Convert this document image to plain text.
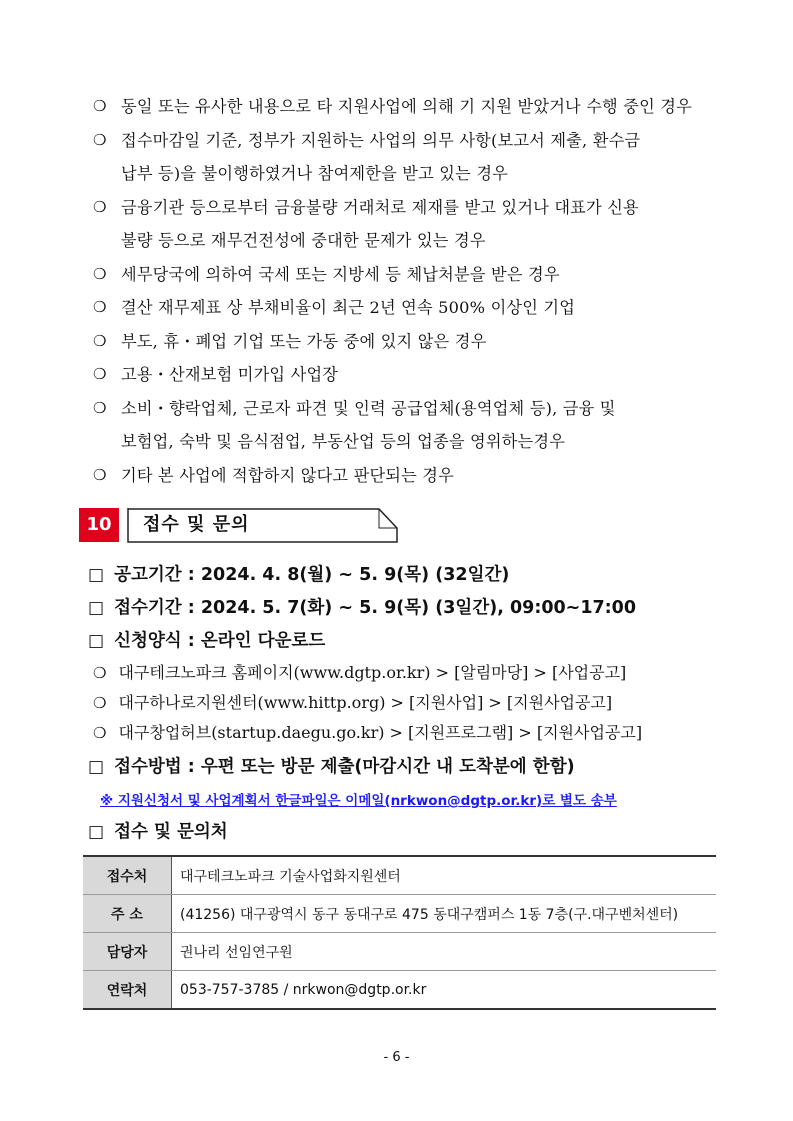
❍ 동일 또는 유사한 내용으로 타 지원사업에 의해 기 지원 받았거나 수행 중인 경우
❍ 접수마감일 기준, 정부가 지원하는 사업의 의무 사항(보고서 제출, 환수금
납부 등)을 불이행하였거나 참여제한을 받고 있는 경우
❍ 금융기관 등으로부터 금융불량 거래처로 제재를 받고 있거나 대표가 신용
불량 등으로 재무건전성에 중대한 문제가 있는 경우
❍ 세무당국에 의하여 국세 또는 지방세 등 체납처분을 받은 경우
❍ 결산 재무제표 상 부채비율이 최근 2년 연속 500% 이상인 기업
❍ 부도, 휴・폐업 기업 또는 가동 중에 있지 않은 경우
❍ 고용・산재보험 미가입 사업장
❍ 소비・향락업체, 근로자 파견 및 인력 공급업체(용역업체 등), 금융 및
보험업, 숙박 및 음식점업, 부동산업 등의 업종을 영위하는경우
❍ 기타 본 사업에 적합하지 않다고 판단되는 경우
10	접수 및 문의
□ 공고기간 : 2024. 4. 8(월) ~ 5. 9(목) (32일간)
□ 접수기간 : 2024. 5. 7(화) ~ 5. 9(목) (3일간), 09:00~17:00
□ 신청양식 : 온라인 다운로드
❍ 대구테크노파크 홈페이지(www.dgtp.or.kr) > [알림마당] > [사업공고]
❍ 대구하나로지원센터(www.hittp.org) > [지원사업] > [지원사업공고]
❍ 대구창업허브(startup.daegu.go.kr) > [지원프로그램] > [지원사업공고]
□ 접수방법 : 우편 또는 방문 제출(마감시간 내 도착분에 한함)
※ 지원신청서 및 사업계획서 한글파일은 이메일(nrkwon@dgtp.or.kr)로 별도 송부
□ 접수 및 문의처
접수처	대구테크노파크 기술사업화지원센터
주 소	(41256) 대구광역시 동구 동대구로 475 동대구캠퍼스 1동 7층(구.대구벤처센터)
담당자	권나리 선임연구원
연락처	053-757-3785 / nrkwon@dgtp.or.kr
- 6 -
